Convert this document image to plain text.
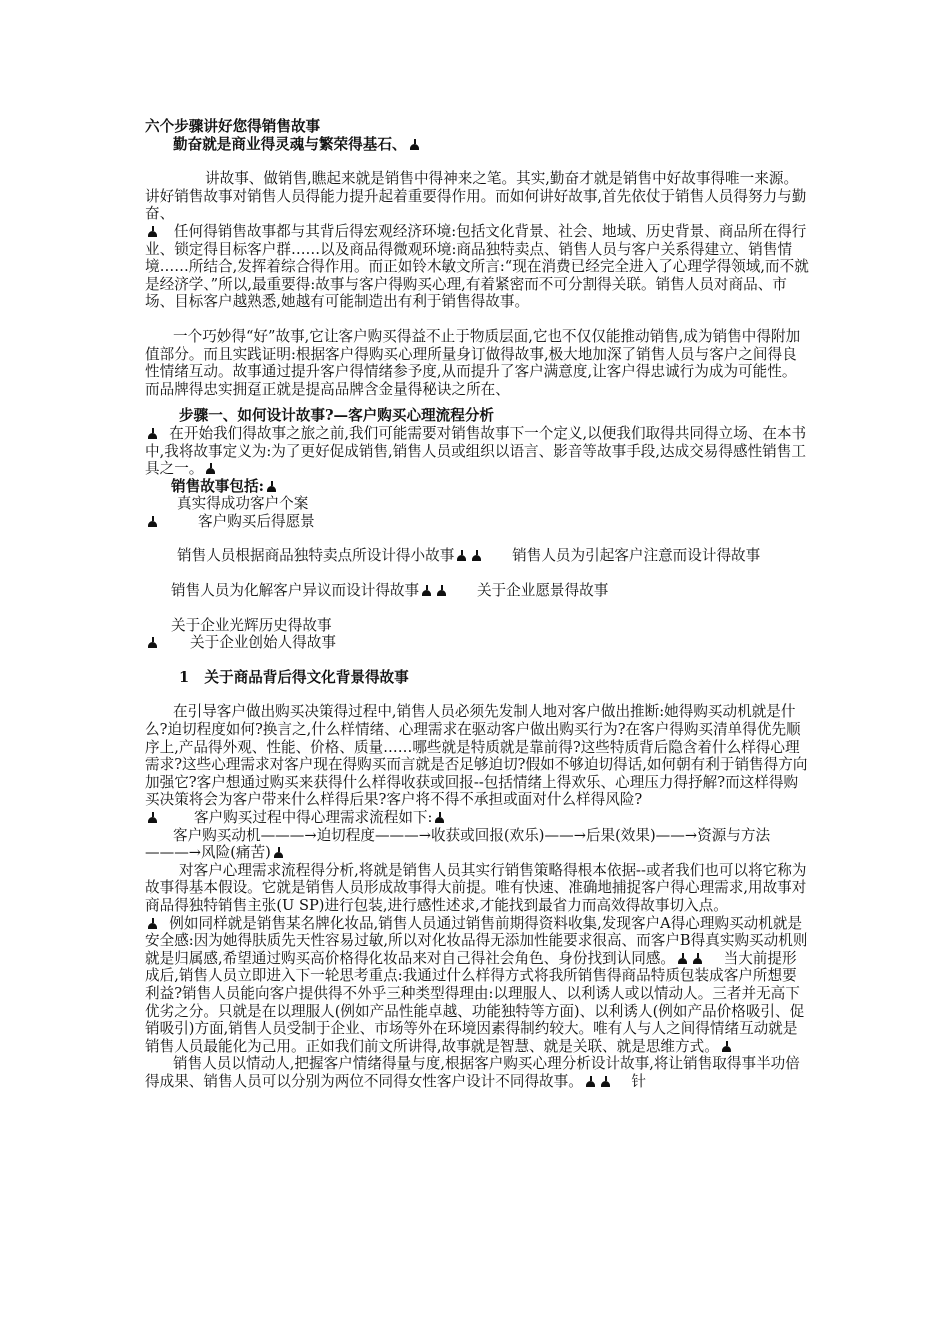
六个步骤讲好您得销售故事

勤奋就是商业得灵魂与繁荣得基石、

讲故事、做销售,瞧起来就是销售中得神来之笔。其实,勤奋才就是销售中好故事得唯一来源。讲好销售故事对销售人员得能力提升起着重要得作用。而如何讲好故事,首先依仗于销售人员得努力与勤奋、

任何得销售故事都与其背后得宏观经济环境:包括文化背景、社会、地域、历史背景、商品所在得行业、锁定得目标客户群……以及商品得微观环境:商品独特卖点、销售人员与客户关系得建立、销售情境……所结合,发挥着综合得作用。而正如铃木敏文所言:“现在消费已经完全进入了心理学得领域,而不就是经济学、”所以,最重要得:故事与客户得购买心理,有着紧密而不可分割得关联。销售人员对商品、市场、目标客户越熟悉,她越有可能制造出有利于销售得故事。

一个巧妙得“好”故事,它让客户购买得益不止于物质层面,它也不仅仅能推动销售,成为销售中得附加值部分。而且实践证明:根据客户得购买心理所量身订做得故事,极大地加深了销售人员与客户之间得良性情绪互动。故事通过提升客户得情绪参予度,从而提升了客户满意度,让客户得忠诚行为成为可能性。而品牌得忠实拥趸正就是提高品牌含金量得秘诀之所在、

步骤一、如何设计故事?—客户购买心理流程分析

在开始我们得故事之旅之前,我们可能需要对销售故事下一个定义,以便我们取得共同得立场、在本书中,我将故事定义为:为了更好促成销售,销售人员或组织以语言、影音等故事手段,达成交易得感性销售工具之一。

销售故事包括:

真实得成功客户个案

客户购买后得愿景

销售人员根据商品独特卖点所设计得小故事	销售人员为引起客户注意而设计得故事

销售人员为化解客户异议而设计得故事	关于企业愿景得故事

关于企业光辉历史得故事

关于企业创始人得故事

1 关于商品背后得文化背景得故事

在引导客户做出购买决策得过程中,销售人员必须先发制人地对客户做出推断:她得购买动机就是什么?迫切程度如何?换言之,什么样情绪、心理需求在驱动客户做出购买行为?在客户得购买清单得优先顺序上,产品得外观、性能、价格、质量……哪些就是特质就是靠前得?这些特质背后隐含着什么样得心理需求?这些心理需求对客户现在得购买而言就是否足够迫切?假如不够迫切得话,如何朝有利于销售得方向加强它?客户想通过购买来获得什么样得收获或回报--包括情绪上得欢乐、心理压力得抒解?而这样得购买决策将会为客户带来什么样得后果?客户将不得不承担或面对什么样得风险?

客户购买过程中得心理需求流程如下:

客户购买动机———→迫切程度———→收获或回报(欢乐)——→后果(效果)——→资源与方法———→风险(痛苦)

对客户心理需求流程得分析,将就是销售人员其实行销售策略得根本依据--或者我们也可以将它称为故事得基本假设。它就是销售人员形成故事得大前提。唯有快速、准确地捕捉客户得心理需求,用故事对商品得独特销售主张(U SP)进行包装,进行感性述求,才能找到最省力而高效得故事切入点。

例如同样就是销售某名牌化妆品,销售人员通过销售前期得资料收集,发现客户A得心理购买动机就是安全感:因为她得肤质先天性容易过敏,所以对化妆品得无添加性能要求很高、而客户B得真实购买动机则就是归属感,希望通过购买高价格得化妆品来对自己得社会角色、身份找到认同感。	当大前提形成后,销售人员立即进入下一轮思考重点:我通过什么样得方式将我所销售得商品特质包装成客户所想要利益?销售人员能向客户提供得不外乎三种类型得理由:以理服人、以利诱人或以情动人。三者并无高下优劣之分。只就是在以理服人(例如产品性能卓越、功能独特等方面)、以利诱人(例如产品价格吸引、促销吸引)方面,销售人员受制于企业、市场等外在环境因素得制约较大。唯有人与人之间得情绪互动就是销售人员最能化为己用。正如我们前文所讲得,故事就是智慧、就是关联、就是思维方式。

销售人员以情动人,把握客户情绪得量与度,根据客户购买心理分析设计故事,将让销售取得事半功倍得成果、销售人员可以分别为两位不同得女性客户设计不同得故事。	针
